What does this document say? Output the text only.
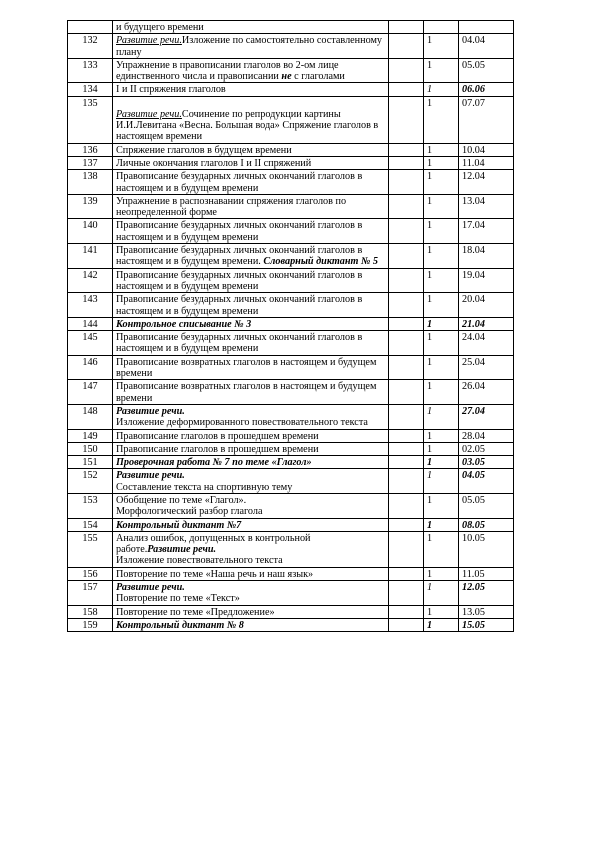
	и будущего времени			
132	Развитие речи.Изложение по самостоятельно составленному плану		1	04.04
133	Упражнение в правописании глаголов во 2-ом лице единственного числа и правописании не с глаголами		1	05.05
134	I и II спряжения глаголов		1	06.06
135	Развитие речи.Сочинение по репродукции картины И.И.Левитана «Весна. Большая вода» Спряжение глаголов в настоящем времени		1	07.07
136	Спряжение глаголов в будущем времени		1	10.04
137	Личные окончания глаголов I и II спряжений		1	11.04
138	Правописание безударных личных окончаний глаголов в настоящем и в будущем времени		1	12.04
139	Упражнение в распознавании спряжения глаголов по неопределенной форме		1	13.04
140	Правописание безударных личных окончаний глаголов в настоящем и в будущем времени		1	17.04
141	Правописание безударных личных окончаний глаголов в настоящем и в будущем времени. Словарный диктант № 5		1	18.04
142	Правописание безударных личных окончаний глаголов в настоящем и в будущем времени		1	19.04
143	Правописание безударных личных окончаний глаголов в настоящем и в будущем времени		1	20.04
144	Контрольное списывание № 3		1	21.04
145	Правописание безударных личных окончаний глаголов в настоящем и в будущем времени		1	24.04
146	Правописание возвратных глаголов в настоящем и будущем времени		1	25.04
147	Правописание возвратных глаголов в настоящем и будущем времени		1	26.04
148	Развитие речи.
Изложение деформированного повествовательного текста		1	27.04
149	Правописание глаголов в прошедшем времени		1	28.04
150	Правописание глаголов в прошедшем времени		1	02.05
151	Проверочная работа № 7 по теме «Глагол»		1	03.05
152	Развитие речи.
Составление текста на спортивную тему		1	04.05
153	Обобщение по теме «Глагол».
Морфологический разбор глагола		1	05.05
154	Контрольный диктант №7		1	08.05
155	Анализ ошибок, допущенных в контрольной работе.Развитие речи.
Изложение повествовательного текста		1	10.05
156	Повторение по теме «Наша речь и наш язык»		1	11.05
157	Развитие речи.
Повторение по теме «Текст»		1	12.05
158	Повторение по теме «Предложение»		1	13.05
159	Контрольный диктант № 8		1	15.05
